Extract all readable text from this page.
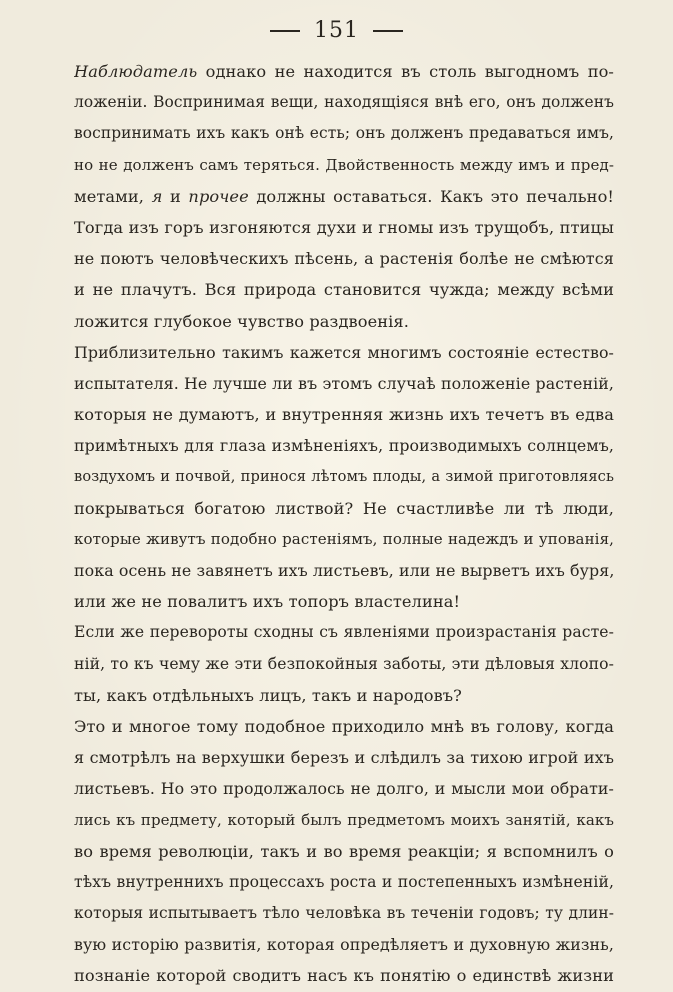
151
Наблюдатель однако не находится въ столь выгодномъ по-
ложенiи. Воспринимая вещи, находящiяся внѣ его, онъ долженъ
воспринимать ихъ какъ онѣ есть; онъ долженъ предаваться имъ,
но не долженъ самъ теряться. Двойственность между имъ и пред-
метами, я и прочее должны оставаться. Какъ это печально!
Тогда изъ горъ изгоняются духи и гномы изъ трущобъ, птицы
не поютъ человѣческихъ пѣсень, а растенiя болѣе не смѣются
и не плачутъ. Вся природа становится чужда; между всѣми
ложится глубокое чувство раздвоенiя.
Приблизительно такимъ кажется многимъ состоянiе естество-
испытателя. Не лучше ли въ этомъ случаѣ положенiе растенiй,
которыя не думаютъ, и внутренняя жизнь ихъ течетъ въ едва
примѣтныхъ для глаза измѣненiяхъ, производимыхъ солнцемъ,
воздухомъ и почвой, принося лѣтомъ плоды, а зимой приготовляясь
покрываться богатою листвой? Не счастливѣе ли тѣ люди,
которые живутъ подобно растенiямъ, полные надеждъ и упованiя,
пока осень не завянетъ ихъ листьевъ, или не вырветъ ихъ буря,
или же не повалитъ ихъ топоръ властелина!
Если же перевороты сходны съ явленiями произрастанiя расте-
нiй, то къ чему же эти безпокойныя заботы, эти дѣловыя хлопо-
ты, какъ отдѣльныхъ лицъ, такъ и народовъ?
Это и многое тому подобное приходило мнѣ въ голову, когда
я смотрѣлъ на верхушки березъ и слѣдилъ за тихою игрой ихъ
листьевъ. Но это продолжалось не долго, и мысли мои обрати-
лись къ предмету, который былъ предметомъ моихъ занятiй, какъ
во время революцiи, такъ и во время реакцiи; я вспомнилъ о
тѣхъ внутреннихъ процессахъ роста и постепенныхъ измѣненiй,
которыя испытываетъ тѣло человѣка въ теченiи годовъ; ту длин-
вую исторiю развитiя, которая опредѣляетъ и духовную жизнь,
познанiе которой сводитъ насъ къ понятiю о единствѣ жизни
